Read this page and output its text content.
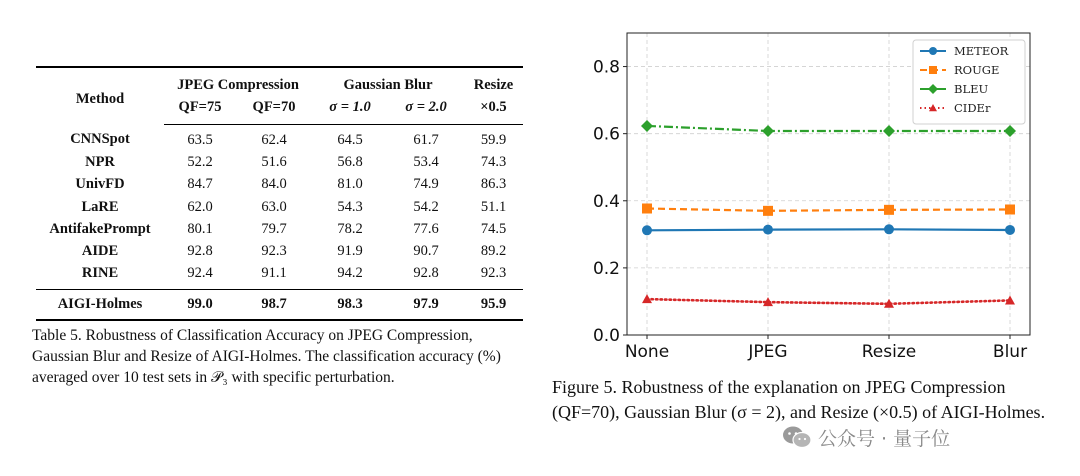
Method	JPEG Compression		Gaussian Blur		Resize
	QF=75	QF=70	σ = 1.0	σ = 2.0	×0.5
CNNSpot	63.5	62.4	64.5	61.7	59.9
NPR	52.2	51.6	56.8	53.4	74.3
UnivFD	84.7	84.0	81.0	74.9	86.3
LaRE	62.0	63.0	54.3	54.2	51.1
AntifakePrompt	80.1	79.7	78.2	77.6	74.5
AIDE	92.8	92.3	91.9	90.7	89.2
RINE	92.4	91.1	94.2	92.8	92.3
AIGI-Holmes	99.0	98.7	98.3	97.9	95.9
Table 5. Robustness of Classification Accuracy on JPEG Compression, Gaussian Blur and Resize of AIGI-Holmes. The classification accuracy (%) averaged over 10 test sets in 𝒫₃ with specific perturbation.
0.0
0.2
0.4
0.6
0.8
None	JPEG	Resize	Blur
METEOR
ROUGE
BLEU
CIDEr
Figure 5. Robustness of the explanation on JPEG Compression (QF=70), Gaussian Blur (σ = 2), and Resize (×0.5) of AIGI-Holmes.
公众号 · 量子位
